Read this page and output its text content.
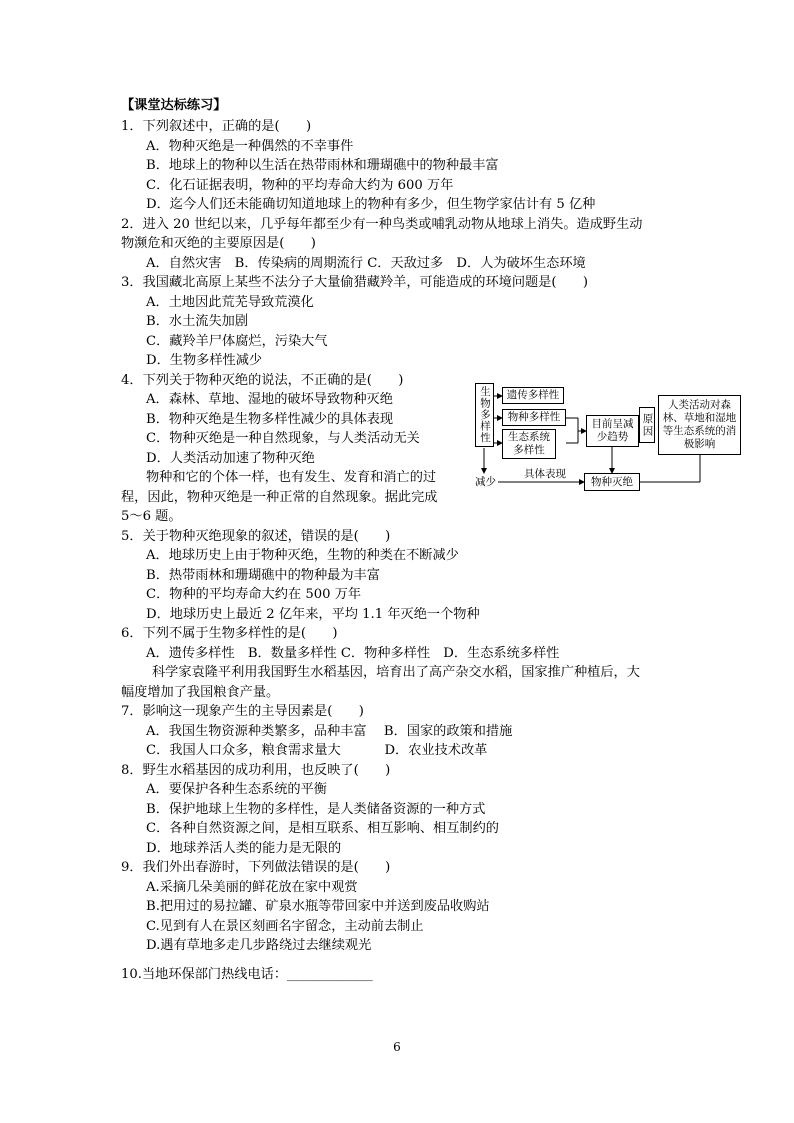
【课堂达标练习】
1．下列叙述中，正确的是(　　)
A．物种灭绝是一种偶然的不幸事件
B．地球上的物种以生活在热带雨林和珊瑚礁中的物种最丰富
C．化石证据表明，物种的平均寿命大约为 600 万年
D．迄今人们还未能确切知道地球上的物种有多少，但生物学家估计有 5 亿种
2．进入 20 世纪以来，几乎每年都至少有一种鸟类或哺乳动物从地球上消失。造成野生动
物濒危和灭绝的主要原因是(　　)
A．自然灾害　B．传染病的周期流行 C．天敌过多　D．人为破坏生态环境
3．我国藏北高原上某些不法分子大量偷猎藏羚羊，可能造成的环境问题是(　　)
A．土地因此荒芜导致荒漠化
B．水土流失加剧
C．藏羚羊尸体腐烂，污染大气
D．生物多样性减少
4．下列关于物种灭绝的说法，不正确的是(　　)
A．森林、草地、湿地的破坏导致物种灭绝
B．物种灭绝是生物多样性减少的具体表现
C．物种灭绝是一种自然现象，与人类活动无关
D．人类活动加速了物种灭绝
物种和它的个体一样，也有发生、发育和消亡的过
程，因此，物种灭绝是一种正常的自然现象。据此完成
5～6 题。
5．关于物种灭绝现象的叙述，错误的是(　　)
A．地球历史上由于物种灭绝，生物的种类在不断减少
B．热带雨林和珊瑚礁中的物种最为丰富
C．物种的平均寿命大约在 500 万年
D．地球历史上最近 2 亿年来，平均 1.1 年灭绝一个物种
6．下列不属于生物多样性的是(　　)
A．遗传多样性　B．数量多样性 C．物种多样性　D．生态系统多样性
科学家袁隆平利用我国野生水稻基因，培育出了高产杂交水稻，国家推广种植后，大
幅度增加了我国粮食产量。
7．影响这一现象产生的主导因素是(　　)
A．我国生物资源种类繁多，品种丰富　 B．国家的政策和措施
C．我国人口众多，粮食需求量大　　　 D．农业技术改革
8．野生水稻基因的成功利用，也反映了(　　)
A．要保护各种生态系统的平衡
B．保护地球上生物的多样性，是人类储备资源的一种方式
C．各种自然资源之间，是相互联系、相互影响、相互制约的
D．地球养活人类的能力是无限的
9．我们外出春游时，下列做法错误的是(　　)
A.采摘几朵美丽的鲜花放在家中观赏
B.把用过的易拉罐、矿泉水瓶等带回家中并送到废品收购站
C.见到有人在景区刻画名字留念，主动前去制止
D.遇有草地多走几步路绕过去继续观光
10.当地环保部门热线电话：_____________
生物多样性	遗传多样性
物种多样性
生态系统多样性
目前呈减少趋势	原因
人类活动对森林、草地和湿地等生态系统的消极影响
减少
具体表现
物种灭绝
6
